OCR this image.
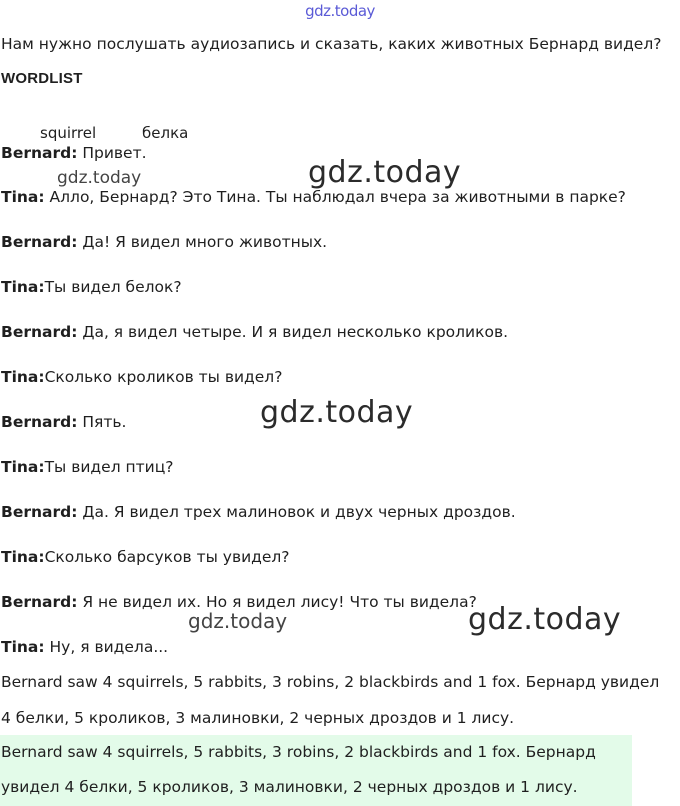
gdz.today
Нам нужно послушать аудиозапись и сказать, каких животных Бернард видел?
WORDLIST
squirrel	белка
Bernard: Привет.
Tina: Алло, Бернард? Это Тина. Ты наблюдал вчера за животными в парке?
Bernard: Да! Я видел много животных.
Tina:Ты видел белок?
Bernard: Да, я видел четыре. И я видел несколько кроликов.
Tina:Сколько кроликов ты видел?
Bernard: Пять.
Tina:Ты видел птиц?
Bernard: Да. Я видел трех малиновок и двух черных дроздов.
Tina:Сколько барсуков ты увидел?
Bernard: Я не видел их. Но я видел лису! Что ты видела?
Tina: Ну, я видела...
Bernard saw 4 squirrels, 5 rabbits, 3 robins, 2 blackbirds and 1 fox. Бернард увидел
4 белки, 5 кроликов, 3 малиновки, 2 черных дроздов и 1 лису.
Bernard saw 4 squirrels, 5 rabbits, 3 robins, 2 blackbirds and 1 fox. Бернард
увидел 4 белки, 5 кроликов, 3 малиновки, 2 черных дроздов и 1 лису.
gdz.today	gdz.today
gdz.today
gdz.today	gdz.today
